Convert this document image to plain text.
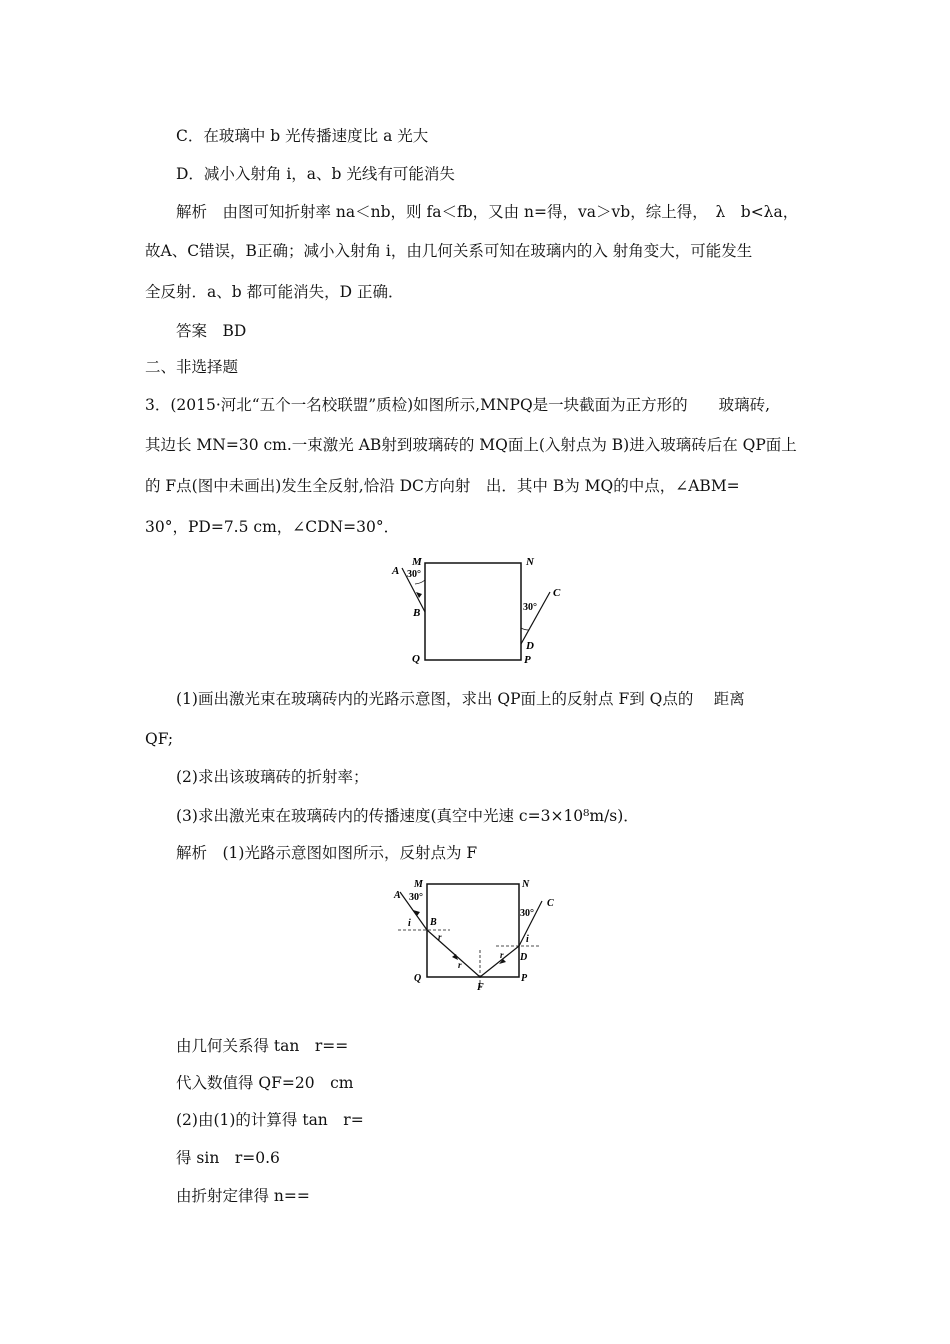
C．在玻璃中 b 光传播速度比 a 光大
D．减小入射角 i，a、b 光线有可能消失
解析　由图可知折射率 na＜nb，则 fa＜fb，又由 n=得，va＞vb，综上得，　λ　b<λa，
故A、C错误，B正确；减小入射角 i，由几何关系可知在玻璃内的入 射角变大，可能发生
全反射．a、b 都可能消失，D 正确．
答案　BD
二、非选择题
3．(2015·河北“五个一名校联盟”质检)如图所示,MNPQ是一块截面为正方形的　　玻璃砖,
其边长 MN=30 cm.一束激光 AB射到玻璃砖的 MQ面上(入射点为 B)进入玻璃砖后在 QP面上
的 F点(图中未画出)发生全反射,恰沿 DC方向射　出．其中 B为 MQ的中点，∠ABM=
30°，PD=7.5 cm，∠CDN=30°．
M	N
Q	P
A
B
C
D
30°
30°
(1)画出激光束在玻璃砖内的光路示意图，求出 QP面上的反射点 F到 Q点的　 距离
QF;
(2)求出该玻璃砖的折射率；
(3)求出激光束在玻璃砖内的传播速度(真空中光速 c=3×10⁸m/s)．
解析　(1)光路示意图如图所示，反射点为 F
M	N
Q	P
A
B
C
D
F
i
r
r
r
i
30°
30°
由几何关系得 tan　r==
代入数值得 QF=20　cm
(2)由(1)的计算得 tan　r=
得 sin　r=0.6
由折射定律得 n==
